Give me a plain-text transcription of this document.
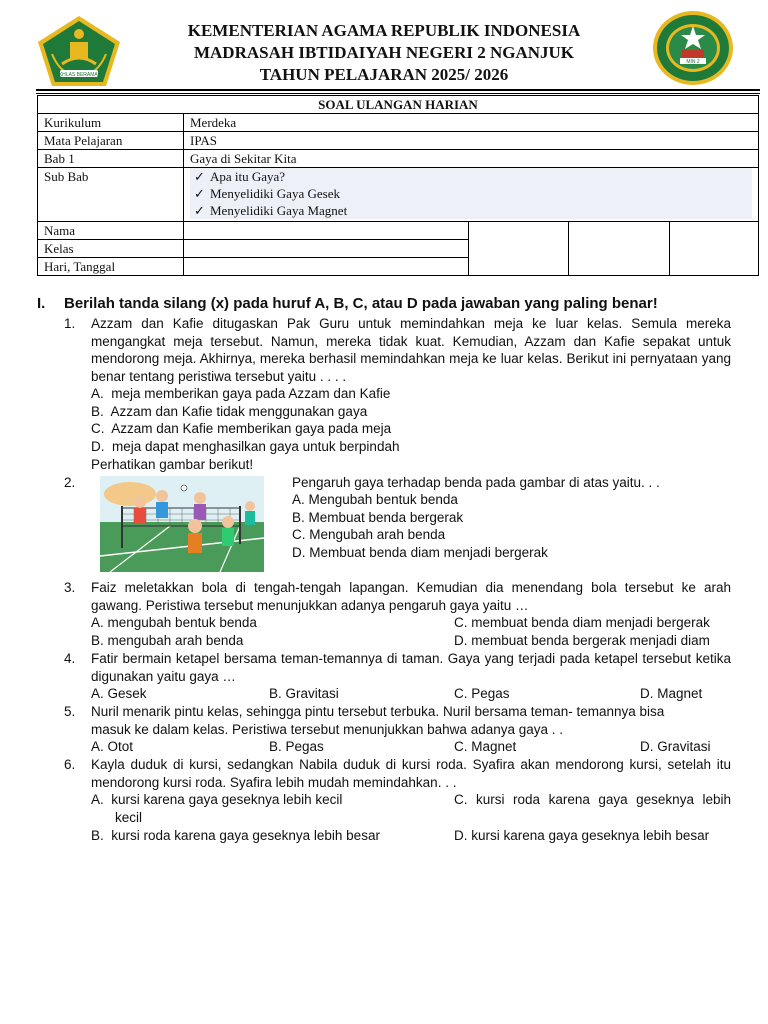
IKHLAS BERAMAL
MIN 2
KEMENTERIAN AGAMA REPUBLIK INDONESIA
MADRASAH IBTIDAIYAH NEGERI 2 NGANJUK
TAHUN PELAJARAN 2025/ 2026
SOAL ULANGAN HARIAN				
Kurikulum	Merdeka			
Mata Pelajaran	IPAS			
Bab 1	Gaya di Sekitar Kita			
Sub Bab	✓ Apa itu Gaya?
✓ Menyelidiki Gaya Gesek
✓ Menyelidiki Gaya Magnet			

Nama				
Kelas				
Hari, Tanggal				
I. Berilah tanda silang (x) pada huruf A, B, C, atau D pada jawaban yang paling benar!
1. Azzam dan Kafie ditugaskan Pak Guru untuk memindahkan meja ke luar kelas. Semula mereka mengangkat meja tersebut. Namun, mereka tidak kuat. Kemudian, Azzam dan Kafie sepakat untuk mendorong meja. Akhirnya, mereka berhasil memindahkan meja ke luar kelas. Berikut ini pernyataan yang benar tentang peristiwa tersebut yaitu . . . .
A. meja memberikan gaya pada Azzam dan Kafie
B. Azzam dan Kafie tidak menggunakan gaya
C. Azzam dan Kafie memberikan gaya pada meja
D. meja dapat menghasilkan gaya untuk berpindah
Perhatikan gambar berikut!
2.	Pengaruh gaya terhadap benda pada gambar di atas yaitu. . .
A. Mengubah bentuk benda
B. Membuat benda bergerak
C. Mengubah arah benda
D. Membuat benda diam menjadi bergerak
3. Faiz meletakkan bola di tengah-tengah lapangan. Kemudian dia menendang bola tersebut ke arah gawang. Peristiwa tersebut menunjukkan adanya pengaruh gaya yaitu …
A. mengubah bentuk benda
B. mengubah arah benda
C. membuat benda diam menjadi bergerak
D. membuat benda bergerak menjadi diam
4. Fatir bermain ketapel bersama teman-temannya di taman. Gaya yang terjadi pada ketapel tersebut ketika digunakan yaitu gaya …
A. Gesek	B. Gravitasi	C. Pegas	D. Magnet
5. Nuril menarik pintu kelas, sehingga pintu tersebut terbuka. Nuril bersama teman- temannya bisa masuk ke dalam kelas. Peristiwa tersebut menunjukkan bahwa adanya gaya . .
A. Otot	B. Pegas	C. Magnet	D. Gravitasi
6. Kayla duduk di kursi, sedangkan Nabila duduk di kursi roda. Syafira akan mendorong kursi, setelah itu mendorong kursi roda. Syafira lebih mudah memindahkan. . .
A. kursi karena gaya geseknya lebih kecil
B. kursi roda karena gaya geseknya lebih besar
C. kursi roda karena gaya geseknya lebih
kecil
D. kursi karena gaya geseknya lebih besar
